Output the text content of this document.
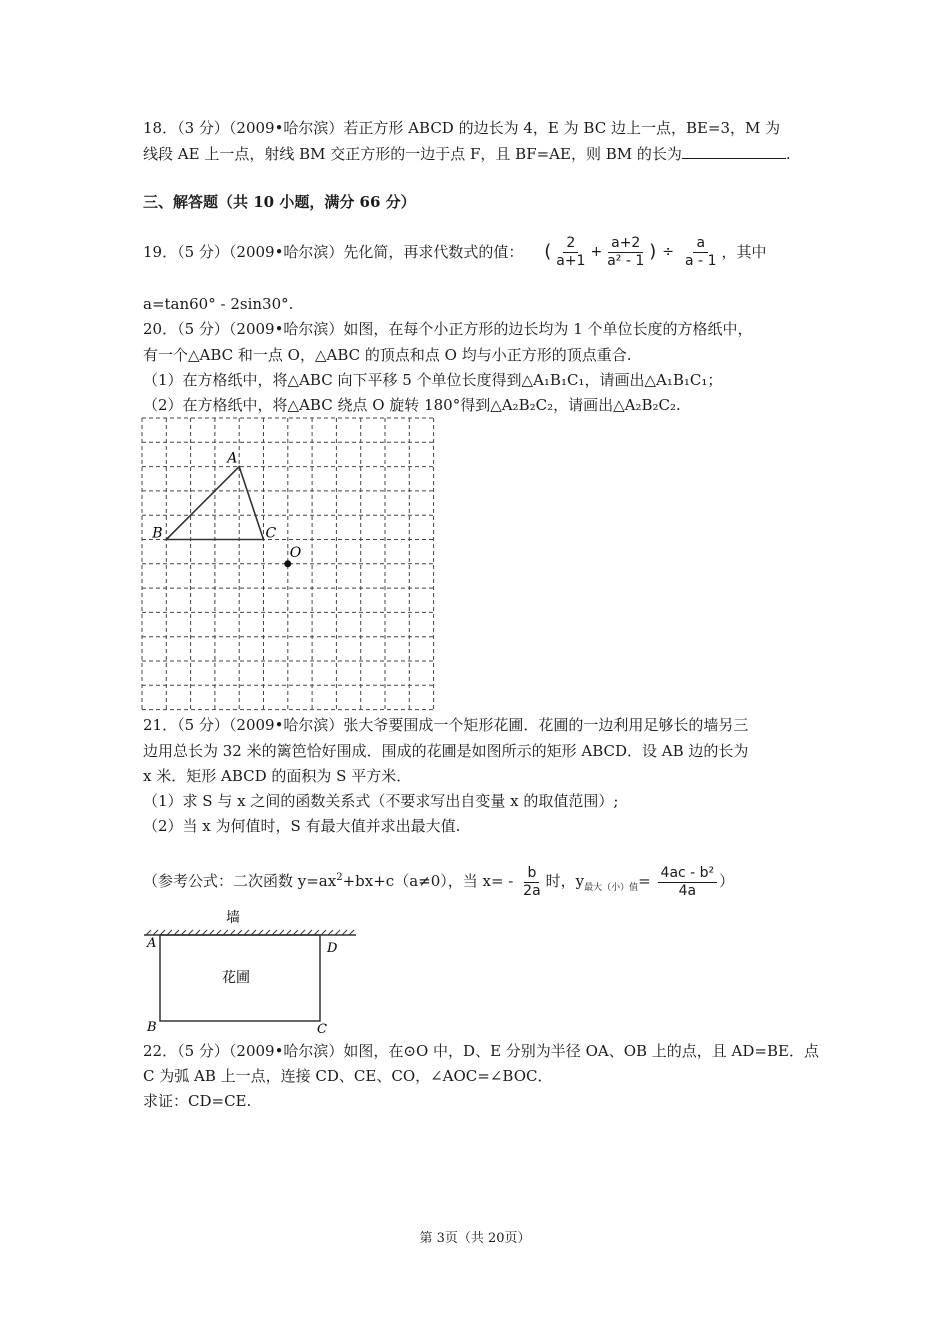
18．（3 分）（2009•哈尔滨）若正方形 ABCD 的边长为 4，E 为 BC 边上一点，BE=3，M 为
线段 AE 上一点，射线 BM 交正方形的一边于点 F，且 BF=AE，则 BM 的长为	.
三、解答题（共 10 小题，满分 66 分）
19．（5 分）（2009•哈尔滨）先化简，再求代数式的值： ( $\frac{2}{a+1} + \frac{a+2}{\text{a² - 1}}$ ) ÷ $\frac{a}{a - 1}$ ，其中
a=tan60° - 2sin30°.
20．（5 分）（2009•哈尔滨）如图，在每个小正方形的边长均为 1 个单位长度的方格纸中，
有一个△ABC 和一点 O，△ABC 的顶点和点 O 均与小正方形的顶点重合.
（1）在方格纸中，将△ABC 向下平移 5 个单位长度得到△A₁B₁C₁，请画出△A₁B₁C₁；
（2）在方格纸中，将△ABC 绕点 O 旋转 180°得到△A₂B₂C₂，请画出△A₂B₂C₂.
A
B	C
O
21．（5 分）（2009•哈尔滨）张大爷要围成一个矩形花圃．花圃的一边利用足够长的墙另三
边用总长为 32 米的篱笆恰好围成．围成的花圃是如图所示的矩形 ABCD．设 AB 边的长为
x 米．矩形 ABCD 的面积为 S 平方米．
（1）求 S 与 x 之间的函数关系式（不要求写出自变量 x 的取值范围）;
（2）当 x 为何值时，S 有最大值并求出最大值.
（参考公式：二次函数 $y=ax^2+bx+c(a\ne 0)$，当 $x= - \frac{b}{2a}$ 时，$y_{最大(小)值}= \frac{\text{4ac - b²}}{4a}$ ）
墙
花圃
A	D
B	C
22．（5 分）（2009•哈尔滨）如图，在⊙O 中，D、E 分别为半径 OA、OB 上的点，且 AD=BE．点
C 为弧 AB 上一点，连接 CD、CE、CO，∠AOC=∠BOC．
求证：CD=CE.
第 3页（共 20页）
